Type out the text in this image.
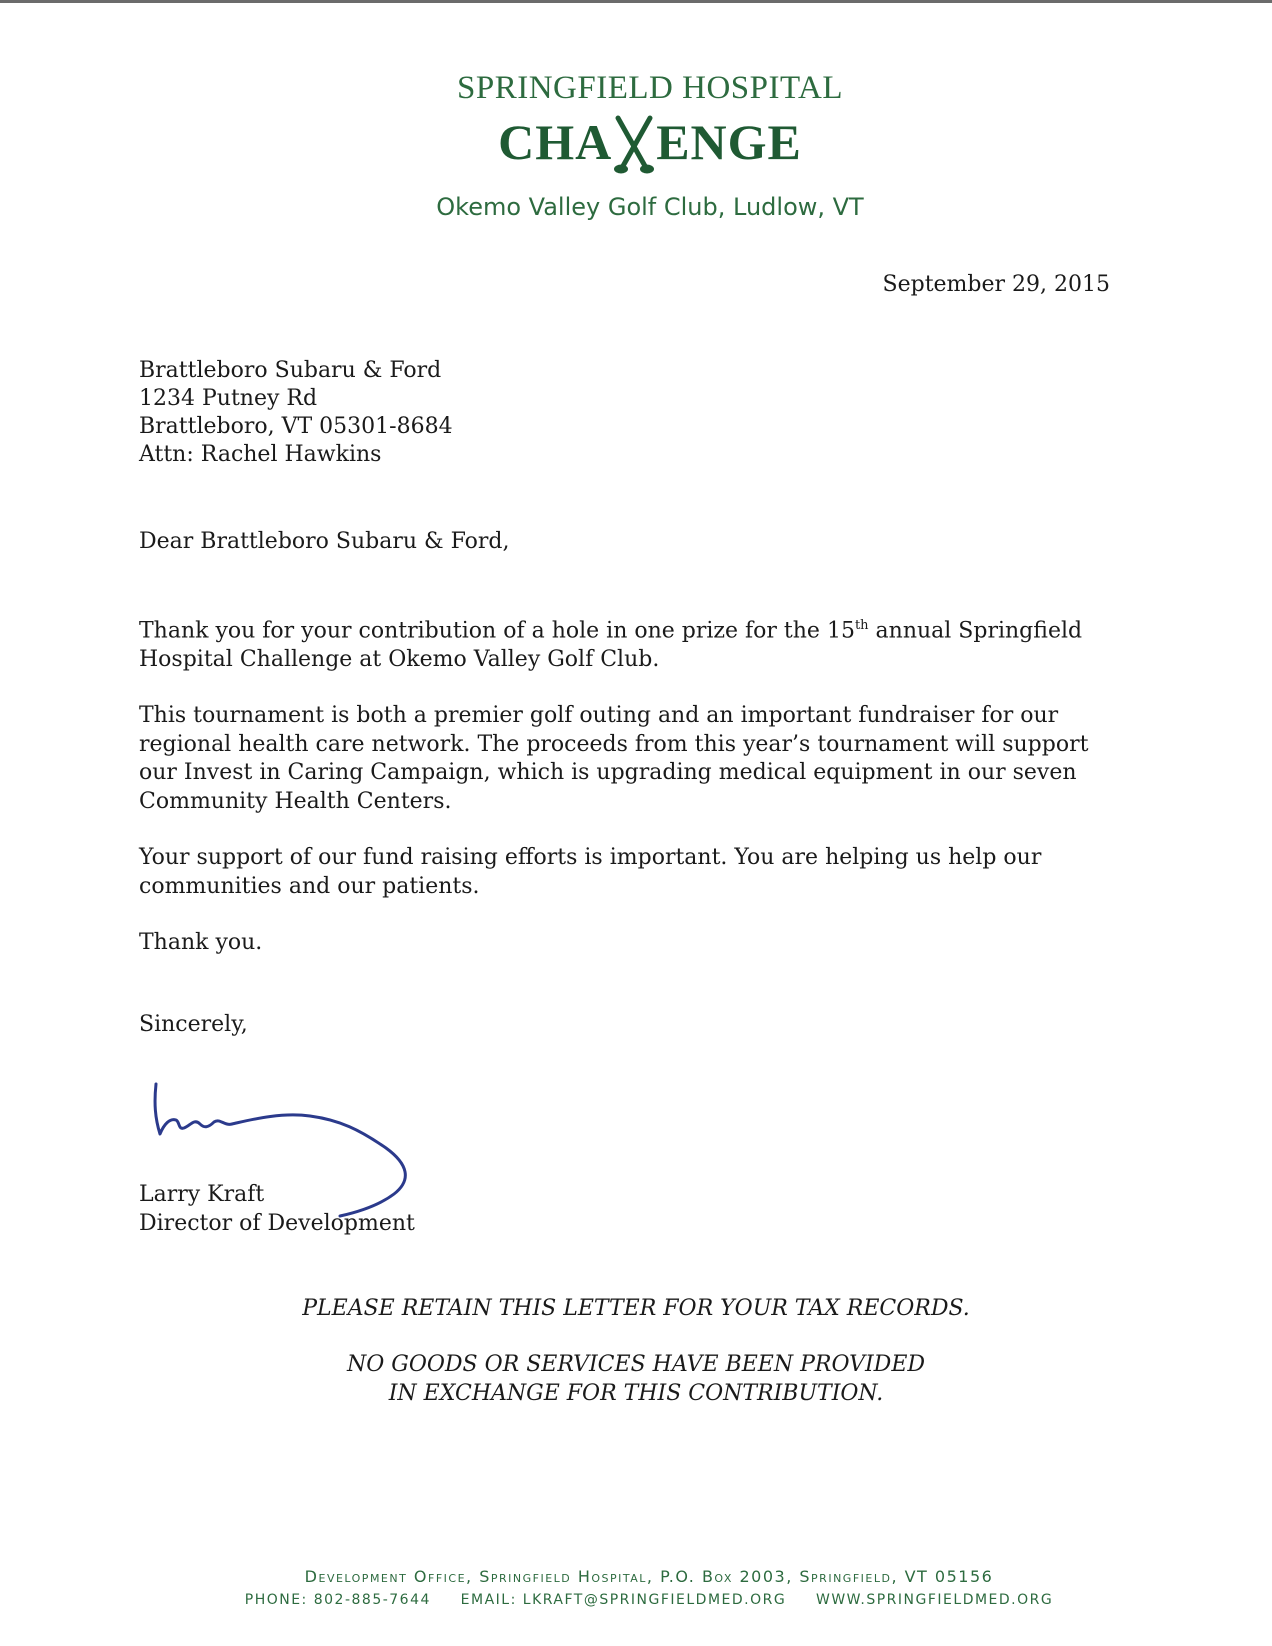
SPRINGFIELD HOSPITAL
CHA ENGE
Okemo Valley Golf Club, Ludlow, VT
September 29, 2015
Brattleboro Subaru & Ford
1234 Putney Rd
Brattleboro, VT 05301-8684
Attn: Rachel Hawkins
Dear Brattleboro Subaru & Ford,

Thank you for your contribution of a hole in one prize for the 15th annual Springfield Hospital Challenge at Okemo Valley Golf Club.

This tournament is both a premier golf outing and an important fundraiser for our regional health care network. The proceeds from this year’s tournament will support our Invest in Caring Campaign, which is upgrading medical equipment in our seven Community Health Centers.

Your support of our fund raising efforts is important. You are helping us help our communities and our patients.

Thank you.

Sincerely,
Larry Kraft
Director of Development
PLEASE RETAIN THIS LETTER FOR YOUR TAX RECORDS.
NO GOODS OR SERVICES HAVE BEEN PROVIDED
IN EXCHANGE FOR THIS CONTRIBUTION.
Development Office, Springfield Hospital, P.O. Box 2003, Springfield, VT 05156
PHONE: 802-885-7644 EMAIL: LKRAFT@SPRINGFIELDMED.ORG WWW.SPRINGFIELDMED.ORG
